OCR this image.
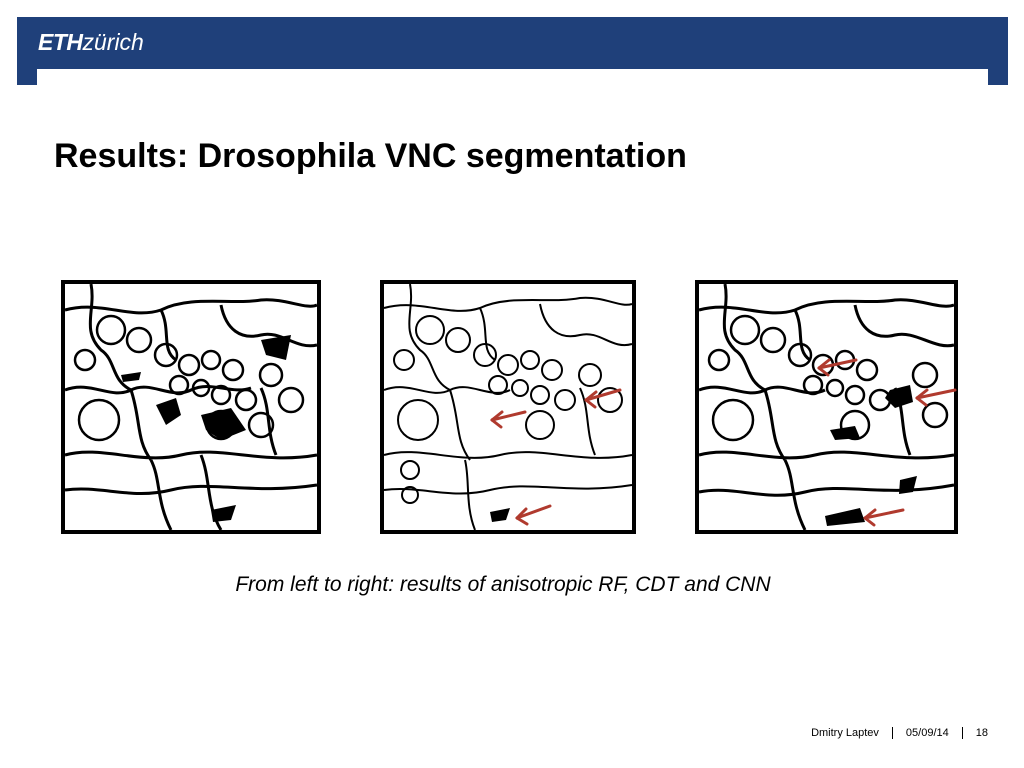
ETHzürich
Results: Drosophila VNC segmentation
From left to right: results of anisotropic RF, CDT and CNN
Dmitry Laptev 05/09/14 18
